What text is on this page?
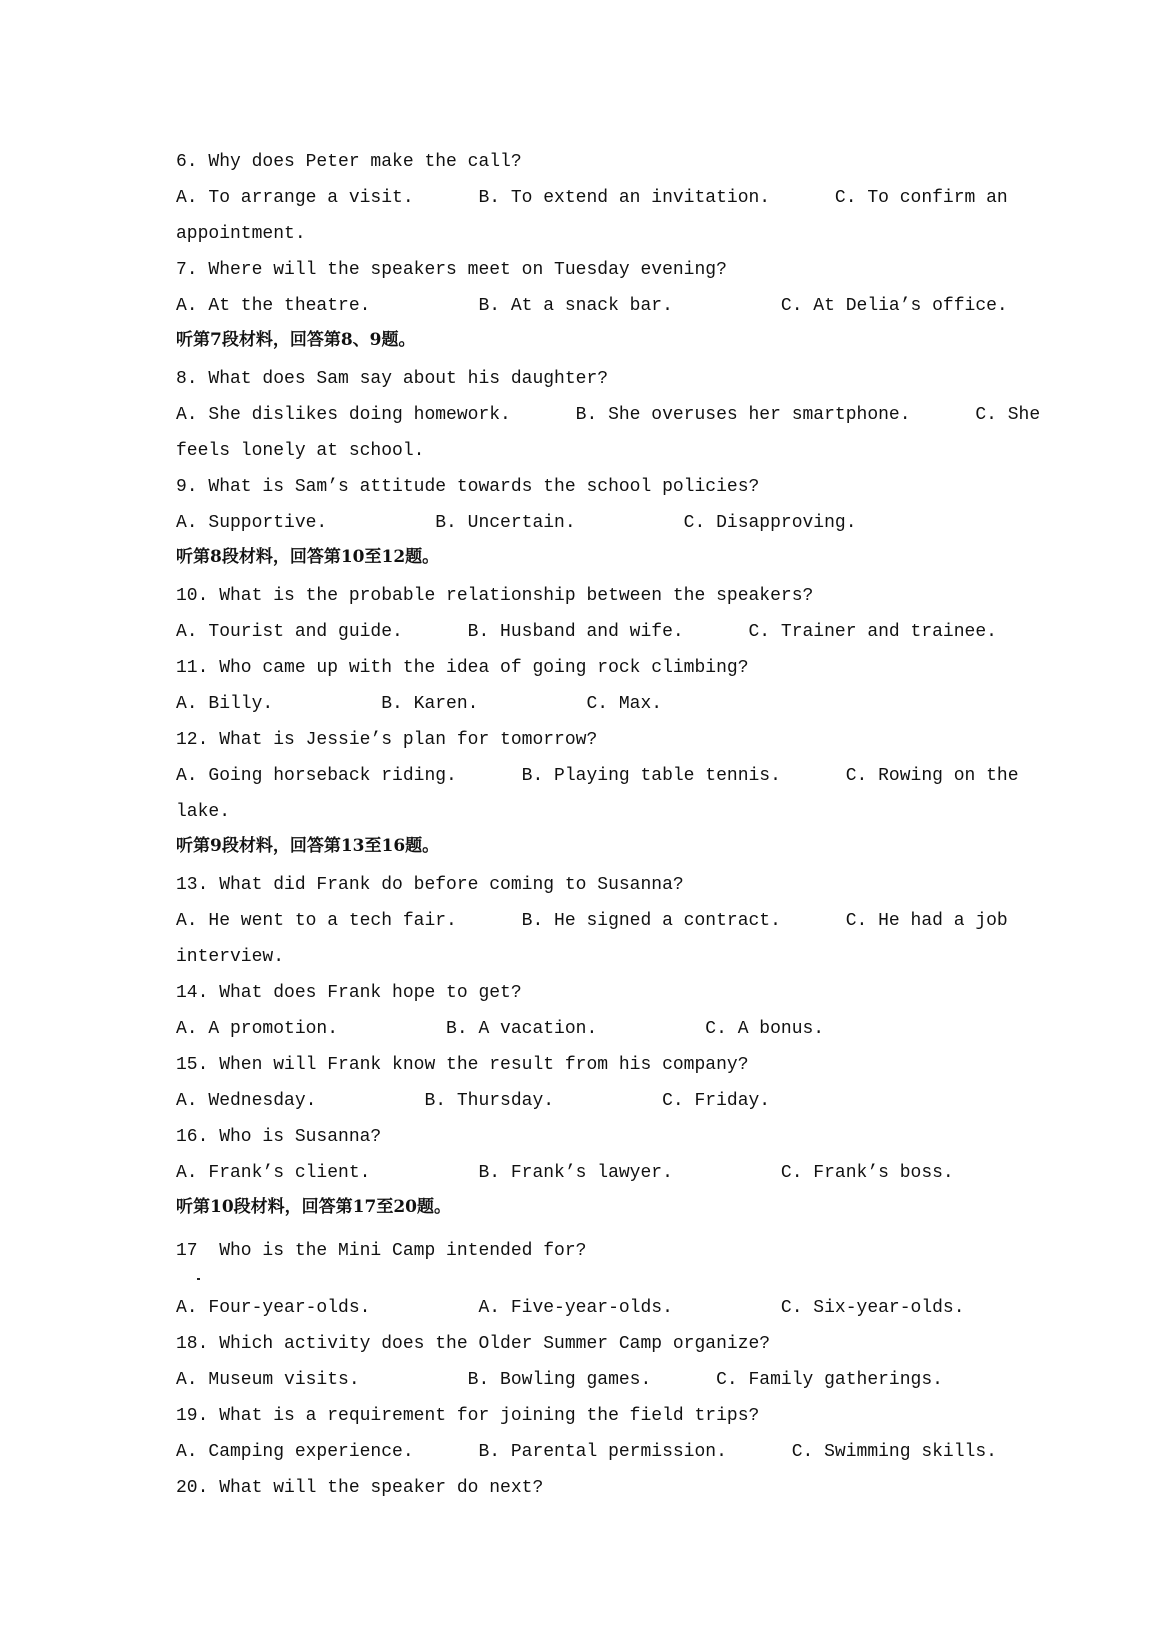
6. Why does Peter make the call?

A. To arrange a visit.      B. To extend an invitation.      C. To confirm an

appointment.

7. Where will the speakers meet on Tuesday evening?

A. At the theatre.          B. At a snack bar.          C. At Delia’s office.

听第7段材料，回答第8、9题。

8. What does Sam say about his daughter?

A. She dislikes doing homework.      B. She overuses her smartphone.      C. She

feels lonely at school.

9. What is Sam’s attitude towards the school policies?

A. Supportive.          B. Uncertain.          C. Disapproving.

听第8段材料，回答第10至12题。

10. What is the probable relationship between the speakers?

A. Tourist and guide.      B. Husband and wife.      C. Trainer and trainee.

11. Who came up with the idea of going rock climbing?

A. Billy.          B. Karen.          C. Max.

12. What is Jessie’s plan for tomorrow?

A. Going horseback riding.      B. Playing table tennis.      C. Rowing on the

lake.

听第9段材料，回答第13至16题。

13. What did Frank do before coming to Susanna?

A. He went to a tech fair.      B. He signed a contract.      C. He had a job

interview.

14. What does Frank hope to get?

A. A promotion.          B. A vacation.          C. A bonus.

15. When will Frank know the result from his company?

A. Wednesday.          B. Thursday.          C. Friday.

16. Who is Susanna?

A. Frank’s client.          B. Frank’s lawyer.          C. Frank’s boss.

听第10段材料，回答第17至20题。

17  Who is the Mini Camp intended for?

A. Four-year-olds.          A. Five-year-olds.          C. Six-year-olds.

18. Which activity does the Older Summer Camp organize?

A. Museum visits.          B. Bowling games.      C. Family gatherings.

19. What is a requirement for joining the field trips?

A. Camping experience.      B. Parental permission.      C. Swimming skills.

20. What will the speaker do next?
